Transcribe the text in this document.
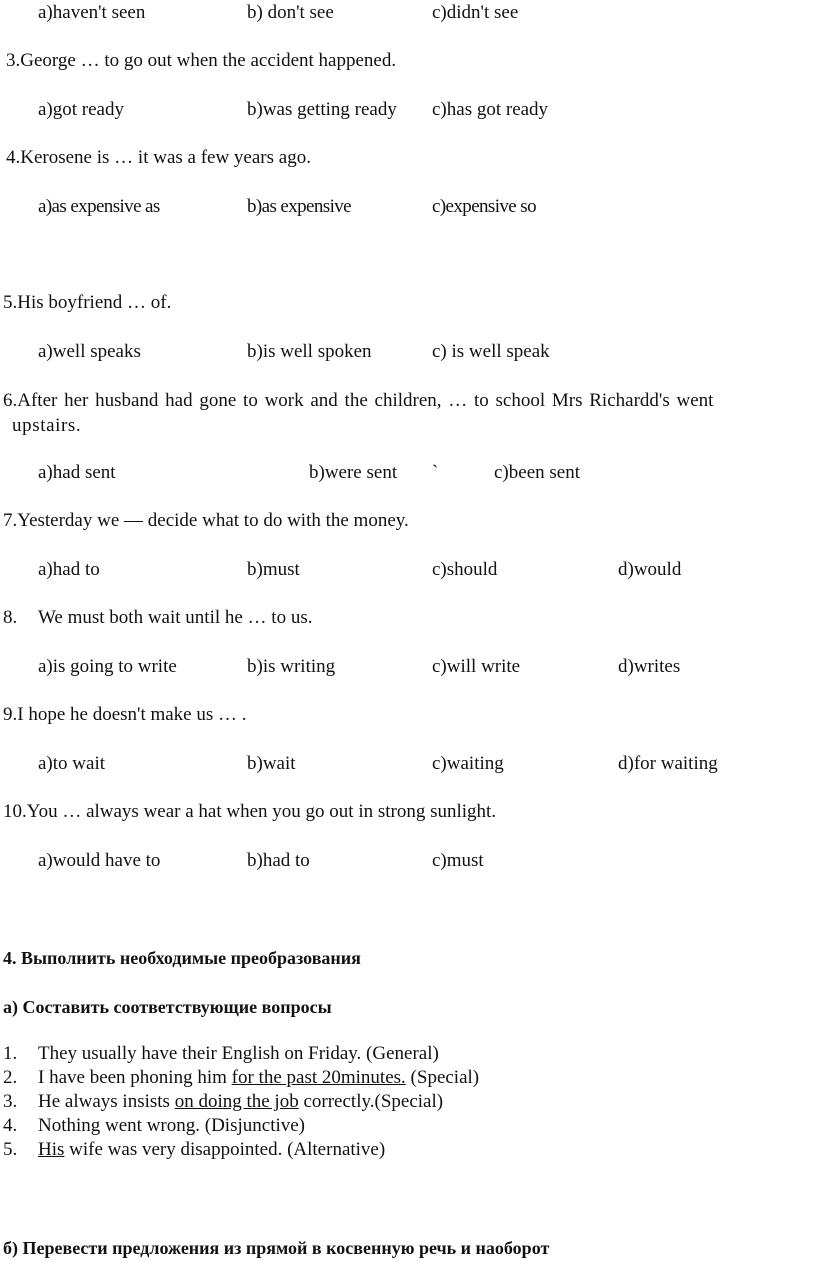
a)haven't seen	b) don't see	c)didn't see
3.George … to go out when the accident happened.
a)got ready	b)was getting ready c)has got ready
4.Kerosene is … it was a few years ago.
a)as expensive as	b)as expensive	c)expensive so
5.His boyfriend … of.
a)well speaks	b)is well spoken	c) is well speak
6.After her husband had gone to work and the children, … to school Mrs Richardd's went
upstairs.
a)had sent	b)were sent `	c)been sent
7.Yesterday we — decide what to do with the money.
a)had to	b)must	c)should	d)would
8. We must both wait until he … to us.
a)is going to write	b)is writing	c)will write	d)writes
9.I hope he doesn't make us … .
a)to wait	b)wait	c)waiting	d)for waiting
10.You … always wear a hat when you go out in strong sunlight.
a)would have to	b)had to	c)must
4. Выполнить необходимые преобразования
а) Составить соответствующие вопросы
1. They usually have their English on Friday. (General)
2. I have been phoning him for the past 20minutes. (Special)
3. He always insists on doing the job correctly.(Special)
4. Nothing went wrong. (Disjunctive)
5. His wife was very disappointed. (Alternative)
б) Перевести предложения из прямой в косвенную речь и наоборот
